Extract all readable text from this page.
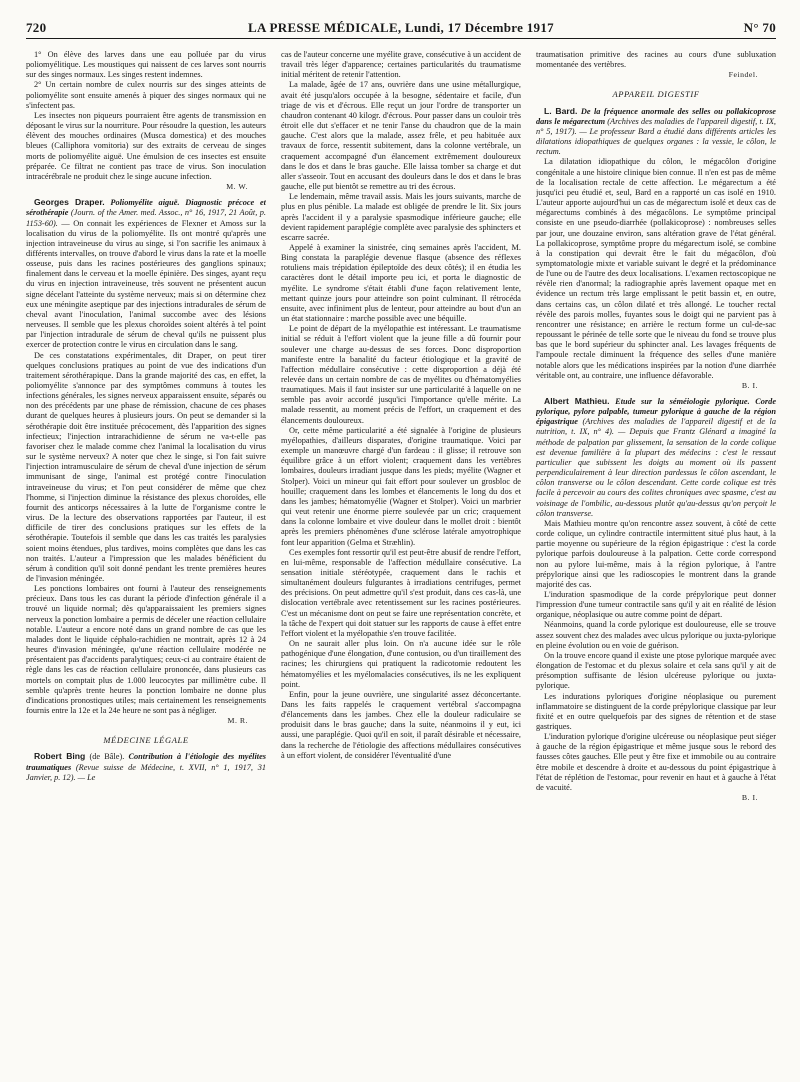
720	LA PRESSE MÉDICALE, Lundi, 17 Décembre 1917	N° 70

1° On élève des larves dans une eau polluée par du virus poliomyélitique. Les moustiques qui naissent de ces larves sont nourris sur des singes normaux. Les singes restent indemnes.

2° Un certain nombre de culex nourris sur des singes atteints de poliomyélite sont ensuite amenés à piquer des singes normaux qui ne s'infectent pas.

Les insectes non piqueurs pourraient être agents de transmission en déposant le virus sur la nourriture. Pour résoudre la question, les auteurs élèvent des mouches ordinaires (Musca domestica) et des mouches bleues (Calliphora vomitoria) sur des extraits de cerveau de singes morts de poliomyélite aiguë. Une émulsion de ces insectes est ensuite préparée. Ce filtrat ne contient pas trace de virus. Son inoculation intracérébrale ne produit chez le singe aucune infection.

M. W.

Georges Draper. Poliomyélite aiguë. Diagnostic précoce et sérothérapie (Journ. of the Amer. med. Assoc., n° 16, 1917, 21 Août, p. 1153-60). — On connait les expériences de Flexner et Amoss sur la localisation du virus de la poliomyélite. Ils ont montré qu'après une injection intraveineuse du virus au singe, si l'on sacrifie les animaux à différents intervalles, on trouve d'abord le virus dans la rate et la moelle osseuse, puis dans les racines postérieures des ganglions spinaux; finalement dans le cerveau et la moelle épinière. Des singes, ayant reçu du virus en injection intraveineuse, très souvent ne présentent aucun signe décelant l'atteinte du système nerveux; mais si on détermine chez eux une méningite aseptique par des injections intradurales de sérum de cheval avant l'inoculation, l'animal succombe avec des lésions nerveuses. Il semble que les plexus choroïdes soient altérés à tel point par l'injection intradurale de sérum de cheval qu'ils ne puissent plus exercer de protection contre le virus en circulation dans le sang.

De ces constatations expérimentales, dit Draper, on peut tirer quelques conclusions pratiques au point de vue des indications d'un traitement sérothérapique. Dans la grande majorité des cas, en effet, la poliomyélite s'annonce par des symptômes communs à toutes les infections générales, les signes nerveux apparaissent ensuite, séparés ou non des précédents par une phase de rémission, chacune de ces phases durant de quelques heures à plusieurs jours. On peut se demander si la sérothérapie doit être instituée précocement, dès l'apparition des signes infectieux; l'injection intrarachidienne de sérum ne va-t-elle pas favoriser chez le malade comme chez l'animal la localisation du virus sur le système nerveux? A noter que chez le singe, si l'on fait suivre l'injection intramusculaire de sérum de cheval d'une injection de sérum immunisant de singe, l'animal est protégé contre l'inoculation intraveineuse du virus; et l'on peut considérer de même que chez l'homme, si l'injection diminue la résistance des plexus choroïdes, elle fournit des anticorps nécessaires à la lutte de l'organisme contre le virus. De la lecture des observations rapportées par l'auteur, il est difficile de tirer des conclusions pratiques sur les effets de la sérothérapie. Toutefois il semble que dans les cas traités les paralysies soient moins étendues, plus tardives, moins complètes que dans les cas non traités. L'auteur a l'impression que les malades bénéficient du sérum à condition qu'il soit donné pendant les trente premières heures de l'invasion méningée.

Les ponctions lombaires ont fourni à l'auteur des renseignements précieux. Dans tous les cas durant la période d'infection générale il a trouvé un liquide normal; dès qu'apparaissaient les premiers signes nerveux la ponction lombaire a permis de déceler une réaction cellulaire notable. L'auteur a encore noté dans un grand nombre de cas que les malades dont le liquide céphalo-rachidien ne montrait, après 12 à 24 heures d'invasion méningée, qu'une réaction cellulaire modérée ne présentaient pas d'accidents paralytiques; ceux-ci au contraire étaient de règle dans les cas de réaction cellulaire prononcée, dans plusieurs cas mortels on comptait plus de 1.000 leucocytes par millimètre cube. Il semble qu'après trente heures la ponction lombaire ne donne plus d'indications pronostiques utiles; mais certainement les renseignements fournis entre la 12e et la 24e heure ne sont pas à négliger.

M. R.
MÉDECINE LÉGALE

Robert Bing (de Bâle). Contribution à l'étiologie des myélites traumatiques (Revue suisse de Médecine, t. XVII, n° 1, 1917, 31 Janvier, p. 12). — Le

cas de l'auteur concerne une myélite grave, consécutive à un accident de travail très léger d'apparence; certaines particularités du traumatisme initial méritent de retenir l'attention.

La malade, âgée de 17 ans, ouvrière dans une usine métallurgique, avait été jusqu'alors occupée à la besogne, sédentaire et facile, d'un triage de vis et d'écrous. Elle reçut un jour l'ordre de transporter un chaudron contenant 40 kilogr. d'écrous. Pour passer dans un couloir très étroit elle dut s'effacer et ne tenir l'anse du chaudron que de la main gauche. C'est alors que la malade, assez frêle, et peu habituée aux travaux de force, ressentit subitement, dans la colonne vertébrale, un craquement accompagné d'un élancement extrêmement douloureux dans le dos et dans le bras gauche. Elle laissa tomber sa charge et dut aller s'asseoir. Tout en accusant des douleurs dans le dos et dans le bras gauche, elle put bientôt se remettre au tri des écrous.

Le lendemain, même travail assis. Mais les jours suivants, marche de plus en plus pénible. La malade est obligée de prendre le lit. Six jours après l'accident il y a paralysie spasmodique inférieure gauche; elle devient rapidement paraplégie complète avec paralysie des sphincters et escarre sacrée.

Appelé à examiner la sinistrée, cinq semaines après l'accident, M. Bing constata la paraplégie devenue flasque (absence des réflexes rotuliens mais trépidation épileptoïde des deux côtés); il en étudia les caractères dont le détail importe peu ici, et porta le diagnostic de myélite. Le syndrome s'était établi d'une façon relativement lente, mettant quinze jours pour atteindre son point culminant. Il rétrocéda ensuite, avec infiniment plus de lenteur, pour atteindre au bout d'un an un état stationnaire : marche possible avec une béquille.

Le point de départ de la myélopathie est intéressant. Le traumatisme initial se réduit à l'effort violent que la jeune fille a dû fournir pour soulever une charge au-dessus de ses forces. Donc disproportion manifeste entre la banalité du facteur étiologique et la gravité de l'affection médullaire consécutive : cette disproportion a déjà été relevée dans un certain nombre de cas de myélites ou d'hématomyélies traumatiques. Mais il faut insister sur une particularité à laquelle on ne semble pas avoir accordé jusqu'ici l'importance qu'elle mérite. La malade ressentit, au moment précis de l'effort, un craquement et des élancements douloureux.

Or, cette même particularité a été signalée à l'origine de plusieurs myélopathies, d'ailleurs disparates, d'origine traumatique. Voici par exemple un manœuvre chargé d'un fardeau : il glisse; il retrouve son équilibre grâce à un effort violent; craquement dans les vertèbres lombaires, douleurs irradiant jusque dans les pieds; myélite (Wagner et Stolper). Voici un mineur qui fait effort pour soulever un grosbloc de houille; craquement dans les lombes et élancements le long du dos et dans les jambes; hématomyélie (Wagner et Stolper). Voici un marbrier qui veut retenir une énorme pierre soulevée par un cric; craquement dans la colonne lombaire et vive douleur dans le mollet droit : bientôt après les premiers phénomènes d'une sclérose latérale amyotrophique font leur apparition (Gelma et Stræhlin).

Ces exemples font ressortir qu'il est peut-être abusif de rendre l'effort, en lui-même, responsable de l'affection médullaire consécutive. La sensation initiale stéréotypée, craquement dans le rachis et simultanément douleurs fulgurantes à irradiations centrifuges, permet des précisions. On peut admettre qu'il s'est produit, dans ces cas-là, une dislocation vertébrale avec retentissement sur les racines postérieures. C'est un mécanisme dont on peut se faire une représentation concrète, et la tâche de l'expert qui doit statuer sur les rapports de cause à effet entre l'effort violent et la myélopathie s'en trouve facilitée.

On ne saurait aller plus loin. On n'a aucune idée sur le rôle pathogénique d'une élongation, d'une contusion, ou d'un tiraillement des racines; les chirurgiens qui pratiquent la radicotomie redoutent les hématomyélies et les myélomalacies consécutives, ils ne les expliquent point.

Enfin, pour la jeune ouvrière, une singularité assez déconcertante. Dans les faits rappelés le craquement vertébral s'accompagna d'élancements dans les jambes. Chez elle la douleur radiculaire se produisit dans le bras gauche; dans la suite, néanmoins il y eut, ici aussi, une paraplégie. Quoi qu'il en soit, il paraît désirable et nécessaire, dans la recherche de l'étiologie des affections médullaires consécutives à un effort violent, de considérer l'éventualité d'une

traumatisation primitive des racines au cours d'une subluxation momentanée des vertèbres.

Feindel.
APPAREIL DIGESTIF

L. Bard. De la fréquence anormale des selles ou pollakicoprose dans le mégarectum (Archives des maladies de l'appareil digestif, t. IX, n° 5, 1917). — Le professeur Bard a étudié dans différents articles les dilatations idiopathiques de quelques organes : la vessie, le côlon, le rectum.

La dilatation idiopathique du côlon, le mégacôlon d'origine congénitale a une histoire clinique bien connue. Il n'en est pas de même de la localisation rectale de cette affection. Le mégarectum a été jusqu'ici peu étudié et, seul, Bard en a rapporté un cas isolé en 1910. L'auteur apporte aujourd'hui un cas de mégarectum isolé et deux cas de mégarectums combinés à des mégacôlons. Le symptôme principal consiste en une pseudo-diarrhée (pollakicoprose) : nombreuses selles par jour, une douzaine environ, sans altération grave de l'état général. La pollakicoprose, symptôme propre du mégarectum isolé, se combine à la constipation qui devrait être le fait du mégacôlon, d'où symptomatologie mixte et variable suivant le degré et la prédominance de l'une ou de l'autre des deux localisations. L'examen rectoscopique ne révèle rien d'anormal; la radiographie après lavement opaque met en évidence un rectum très large emplissant le petit bassin et, en outre, dans certains cas, un côlon dilaté et très allongé. Le toucher rectal révèle des parois molles, fuyantes sous le doigt qui ne parvient pas à rencontrer une résistance; en arrière le rectum forme un cul-de-sac repoussant le périnée de telle sorte que le niveau du fond se trouve plus bas que le bord supérieur du sphincter anal. Les lavages fréquents de l'ampoule rectale diminuent la fréquence des selles d'une manière notable alors que les médications inspirées par la notion d'une diarrhée véritable ont, au contraire, une influence défavorable.

B. I.

Albert Mathieu. Etude sur la séméiologie pylorique. Corde pylorique, pylore palpable, tumeur pylorique à gauche de la région épigastrique (Archives des maladies de l'appareil digestif et de la nutrition, t. IX, n° 4). — Depuis que Frantz Glénard a imaginé la méthode de palpation par glissement, la sensation de la corde colique est devenue familière à la plupart des médecins : c'est le ressaut particulier que subissent les doigts au moment où ils passent perpendiculairement à leur direction pardessus le côlon ascendant, le côlon transverse ou le côlon descendant. Cette corde colique est très facile à percevoir au cours des colites chroniques avec spasme, c'est au voisinage de l'ombilic, au-dessous plutôt qu'au-dessus qu'on perçoit le côlon transverse.

Mais Mathieu montre qu'on rencontre assez souvent, à côté de cette corde colique, un cylindre contractile intermittent situé plus haut, à la partie moyenne ou supérieure de la région épigastrique : c'est la corde pylorique parfois douloureuse à la palpation. Cette corde correspond non au pylore lui-même, mais à la région pylorique, à l'antre prépylorique ainsi que les radioscopies le montrent dans la grande majorité des cas.

L'induration spasmodique de la corde prépylorique peut donner l'impression d'une tumeur contractile sans qu'il y ait en réalité de lésion organique, néoplasique ou autre comme point de départ.

Néanmoins, quand la corde pylorique est douloureuse, elle se trouve assez souvent chez des malades avec ulcus pylorique ou juxta-pylorique en pleine évolution ou en voie de guérison.

On la trouve encore quand il existe une ptose pylorique marquée avec élongation de l'estomac et du plexus solaire et cela sans qu'il y ait de présomption suffisante de lésion ulcéreuse pylorique ou juxta-pylorique.

Les indurations pyloriques d'origine néoplasique ou purement inflammatoire se distinguent de la corde prépylorique classique par leur fixité et en outre quelquefois par des signes de rétention et de stase gastriques.

L'induration pylorique d'origine ulcéreuse ou néoplasique peut siéger à gauche de la région épigastrique et même jusque sous le rebord des fausses côtes gauches. Elle peut y être fixe et immobile ou au contraire être mobile et descendre à droite et au-dessous du point épigastrique à l'état de réplétion de l'estomac, pour revenir en haut et à gauche à l'état de vacuité.

B. I.
